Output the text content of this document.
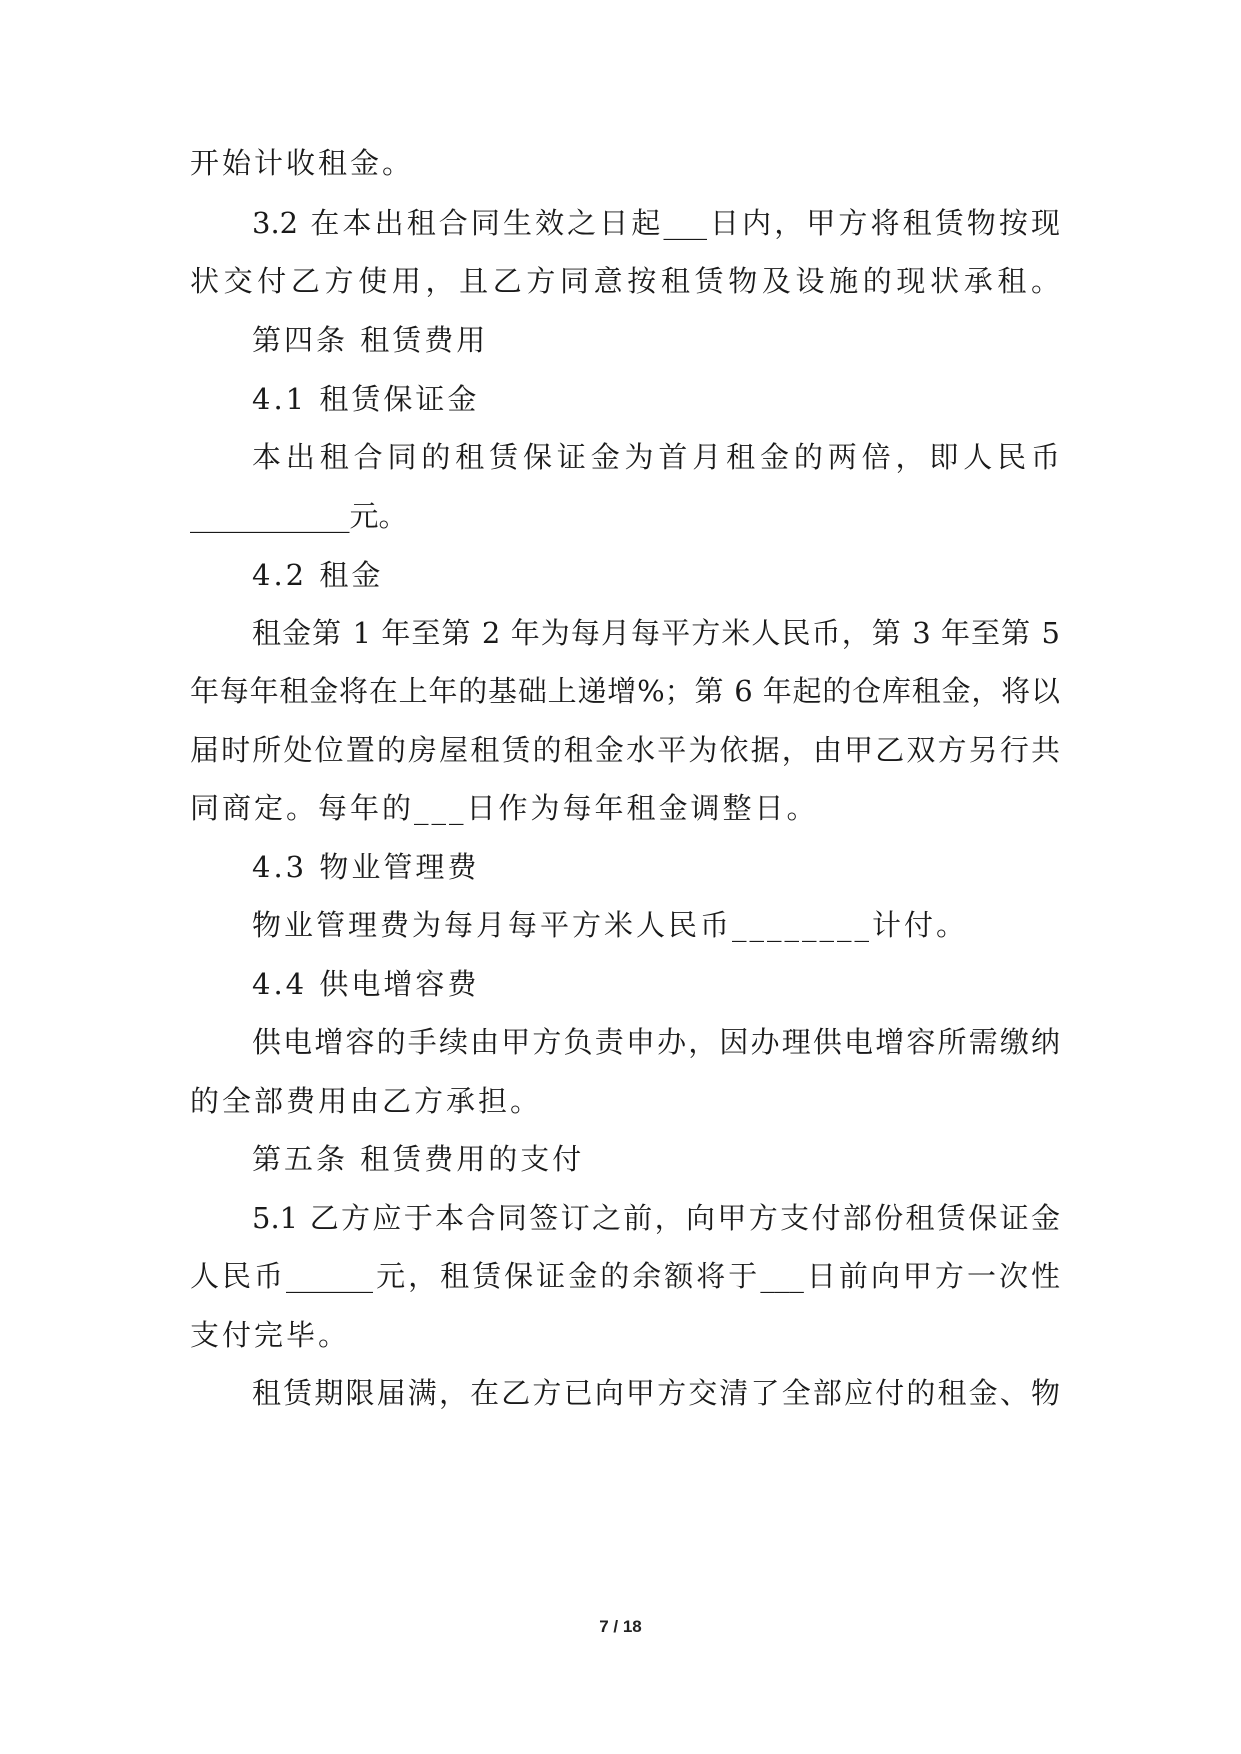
开始计收租金。
3.2 在本出租合同生效之日起___日内，甲方将租赁物按现
状交付乙方使用，且乙方同意按租赁物及设施的现状承租。
第四条 租赁费用
4.1 租赁保证金
本出租合同的租赁保证金为首月租金的两倍，即人民币
___________元。
4.2 租金
租金第 1 年至第 2 年为每月每平方米人民币，第 3 年至第 5
年每年租金将在上年的基础上递增%；第 6 年起的仓库租金，将以
届时所处位置的房屋租赁的租金水平为依据，由甲乙双方另行共
同商定。每年的___日作为每年租金调整日。
4.3 物业管理费
物业管理费为每月每平方米人民币________计付。
4.4 供电增容费
供电增容的手续由甲方负责申办，因办理供电增容所需缴纳
的全部费用由乙方承担。
第五条 租赁费用的支付
5.1 乙方应于本合同签订之前，向甲方支付部份租赁保证金
人民币______元，租赁保证金的余额将于___日前向甲方一次性
支付完毕。
租赁期限届满，在乙方已向甲方交清了全部应付的租金、物
7 / 18
